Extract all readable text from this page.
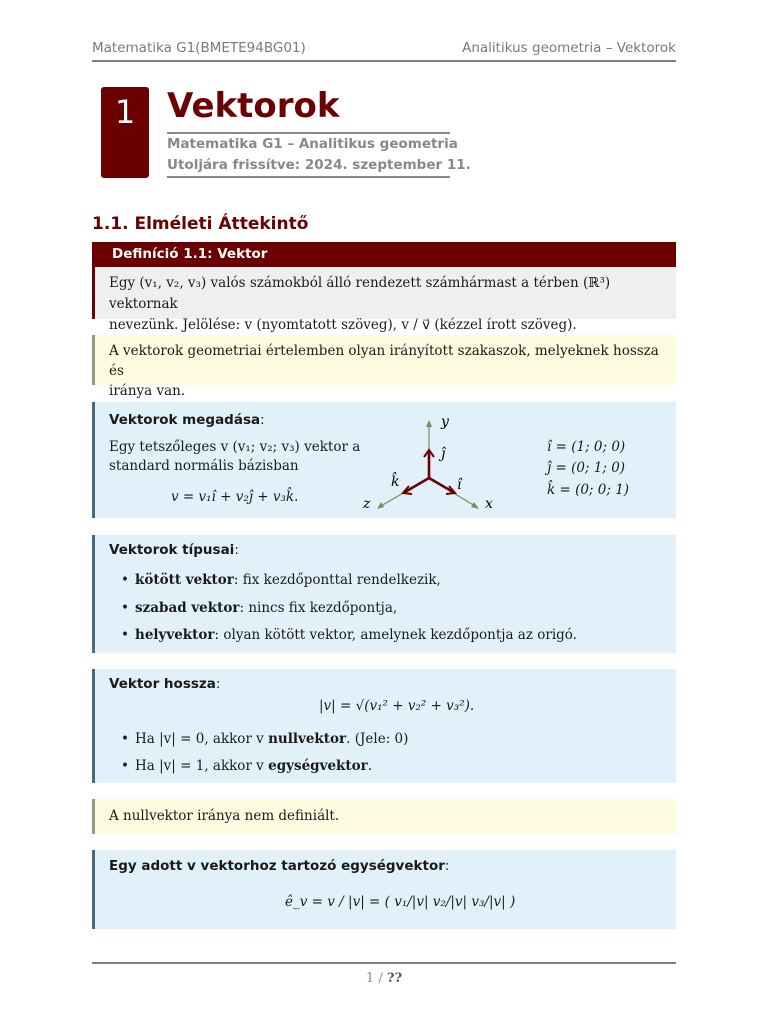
Matematika G1(BMETE94BG01)	Analitikus geometria – Vektorok
1 Vektorok
Matematika G1 – Analitikus geometria
Utoljára frissítve: 2024. szeptember 11.
1.1. Elméleti Áttekintő
Definíció 1.1: Vektor
Egy (v₁, v₂, v₃) valós számokból álló rendezett számhármast a térben (ℝ³) vektornak
nevezünk. Jelölése: v (nyomtatott szöveg), v / v⃗ (kézzel írott szöveg).
A vektorok geometriai értelemben olyan irányított szakaszok, melyeknek hossza és
iránya van.
Vektorok megadása:
Egy tetszőleges v (v₁; v₂; v₃) vektor a
standard normális bázisban
v = v₁î + v₂ĵ + v₃k̂.
y
ĵ
î
k̂
x
z
î = (1; 0; 0)
ĵ = (0; 1; 0)
k̂ = (0; 0; 1)
Vektorok típusai:
• kötött vektor: fix kezdőponttal rendelkezik,
• szabad vektor: nincs fix kezdőpontja,
• helyvektor: olyan kötött vektor, amelynek kezdőpontja az origó.
Vektor hossza:
|v| = √(v₁² + v₂² + v₃²).
• Ha |v| = 0, akkor v nullvektor. (Jele: 0)
• Ha |v| = 1, akkor v egységvektor.
A nullvektor iránya nem definiált.
Egy adott v vektorhoz tartozó egységvektor:
ê_v = v / |v| = ( v₁/|v| v₂/|v| v₃/|v| )
1 / ??
